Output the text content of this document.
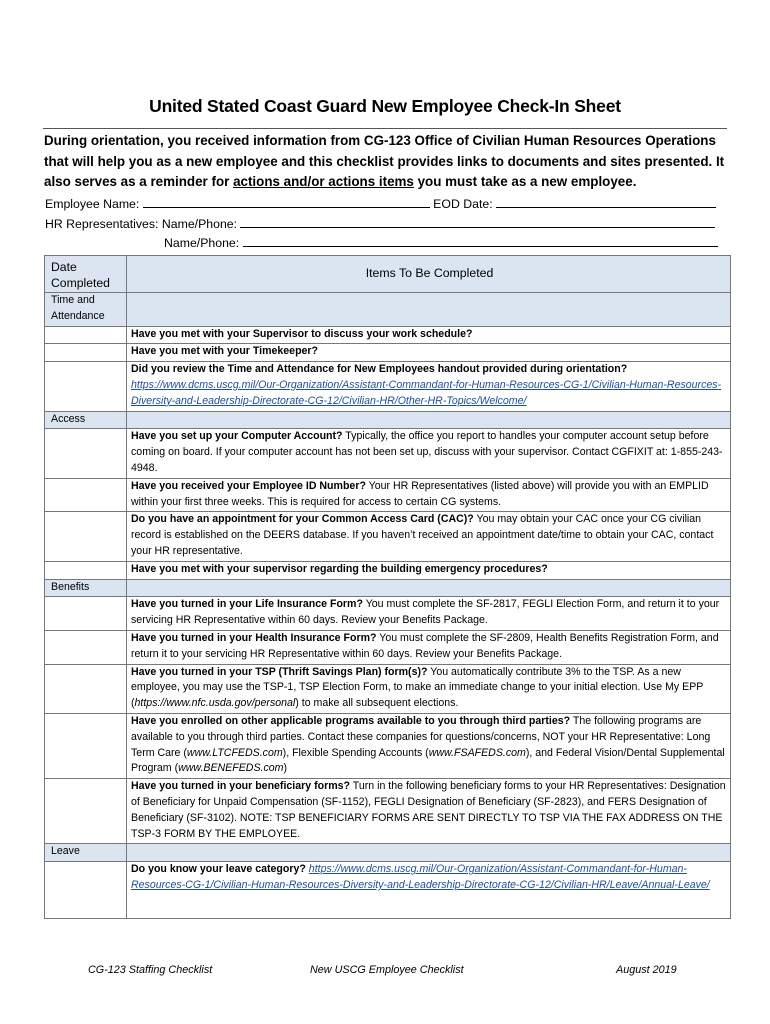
United Stated Coast Guard New Employee Check-In Sheet
During orientation, you received information from CG-123 Office of Civilian Human Resources Operations that will help you as a new employee and this checklist provides links to documents and sites presented. It also serves as a reminder for actions and/or actions items you must take as a new employee.
Employee Name:	EOD Date:
HR Representatives: Name/Phone:
Name/Phone:
Date Completed	Items To Be Completed
Time and Attendance	
	Have you met with your Supervisor to discuss your work schedule?
	Have you met with your Timekeeper?
	Did you review the Time and Attendance for New Employees handout provided during orientation?
https://www.dcms.uscg.mil/Our-Organization/Assistant-Commandant-for-Human-Resources-CG-1/Civilian-Human-Resources-Diversity-and-Leadership-Directorate-CG-12/Civilian-HR/Other-HR-Topics/Welcome/
Access	
	Have you set up your Computer Account? Typically, the office you report to handles your computer account setup before coming on board. If your computer account has not been set up, discuss with your supervisor. Contact CGFIXIT at: 1-855-243-4948.
	Have you received your Employee ID Number? Your HR Representatives (listed above) will provide you with an EMPLID within your first three weeks. This is required for access to certain CG systems.
	Do you have an appointment for your Common Access Card (CAC)? You may obtain your CAC once your CG civilian record is established on the DEERS database. If you haven’t received an appointment date/time to obtain your CAC, contact your HR representative.
	Have you met with your supervisor regarding the building emergency procedures?
Benefits	
	Have you turned in your Life Insurance Form? You must complete the SF-2817, FEGLI Election Form, and return it to your servicing HR Representative within 60 days. Review your Benefits Package.
	Have you turned in your Health Insurance Form? You must complete the SF-2809, Health Benefits Registration Form, and return it to your servicing HR Representative within 60 days. Review your Benefits Package.
	Have you turned in your TSP (Thrift Savings Plan) form(s)? You automatically contribute 3% to the TSP. As a new employee, you may use the TSP-1, TSP Election Form, to make an immediate change to your initial election. Use My EPP (https://www.nfc.usda.gov/personal) to make all subsequent elections.
	Have you enrolled on other applicable programs available to you through third parties? The following programs are available to you through third parties. Contact these companies for questions/concerns, NOT your HR Representative: Long Term Care (www.LTCFEDS.com), Flexible Spending Accounts (www.FSAFEDS.com), and Federal Vision/Dental Supplemental Program (www.BENEFEDS.com)
	Have you turned in your beneficiary forms? Turn in the following beneficiary forms to your HR Representatives: Designation of Beneficiary for Unpaid Compensation (SF-1152), FEGLI Designation of Beneficiary (SF-2823), and FERS Designation of Beneficiary (SF-3102). NOTE: TSP BENEFICIARY FORMS ARE SENT DIRECTLY TO TSP VIA THE FAX ADDRESS ON THE TSP-3 FORM BY THE EMPLOYEE.
Leave	
	Do you know your leave category? https://www.dcms.uscg.mil/Our-Organization/Assistant-Commandant-for-Human-Resources-CG-1/Civilian-Human-Resources-Diversity-and-Leadership-Directorate-CG-12/Civilian-HR/Leave/Annual-Leave/
CG-123 Staffing Checklist	New USCG Employee Checklist	August 2019
